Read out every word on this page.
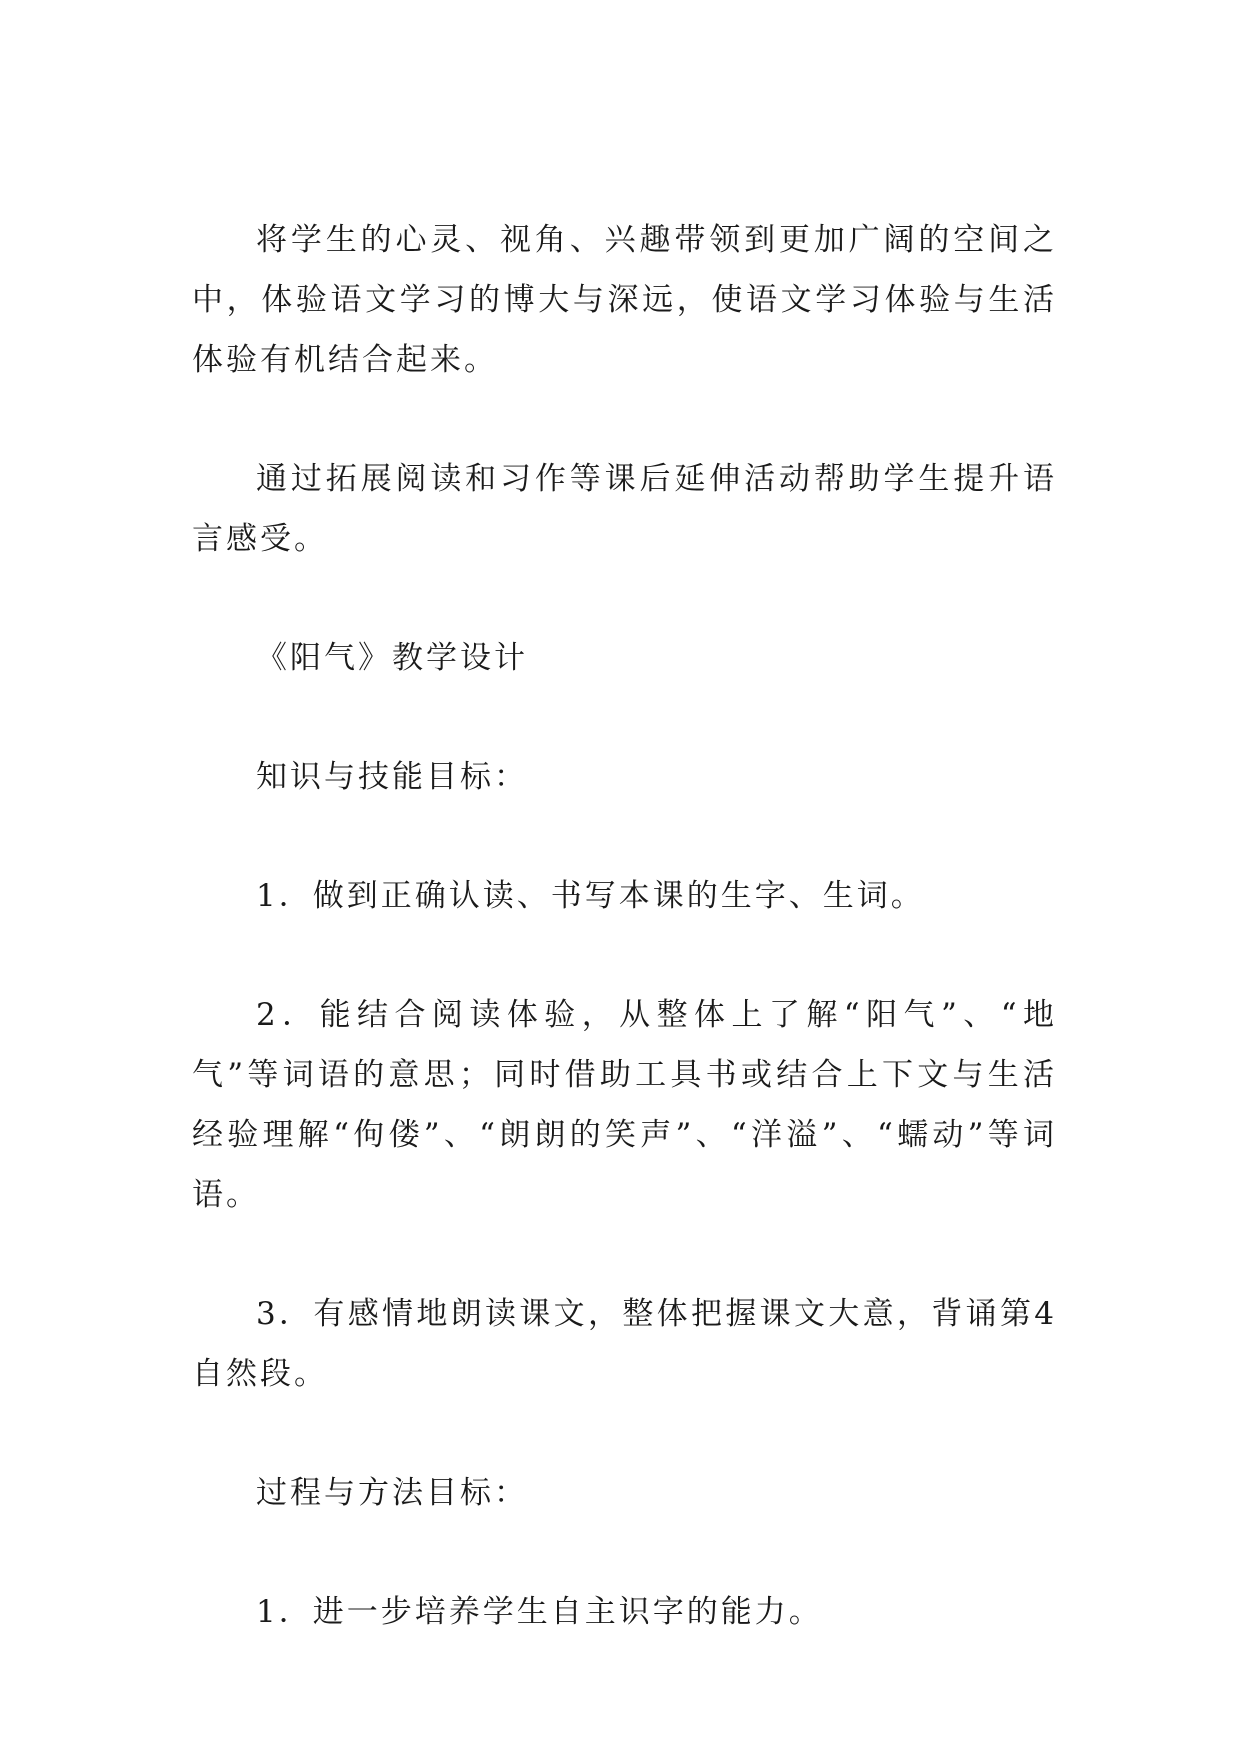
将学生的心灵、视角、兴趣带领到更加广阔的空间之中，体验语文学习的博大与深远，使语文学习体验与生活体验有机结合起来。

通过拓展阅读和习作等课后延伸活动帮助学生提升语言感受。

《阳气》教学设计

知识与技能目标：

1．做到正确认读、书写本课的生字、生词。

2．能结合阅读体验，从整体上了解“阳气”、“地气”等词语的意思；同时借助工具书或结合上下文与生活经验理解“佝偻”、“朗朗的笑声”、“洋溢”、“蠕动”等词语。

3．有感情地朗读课文，整体把握课文大意，背诵第4自然段。

过程与方法目标：

1．进一步培养学生自主识字的能力。
